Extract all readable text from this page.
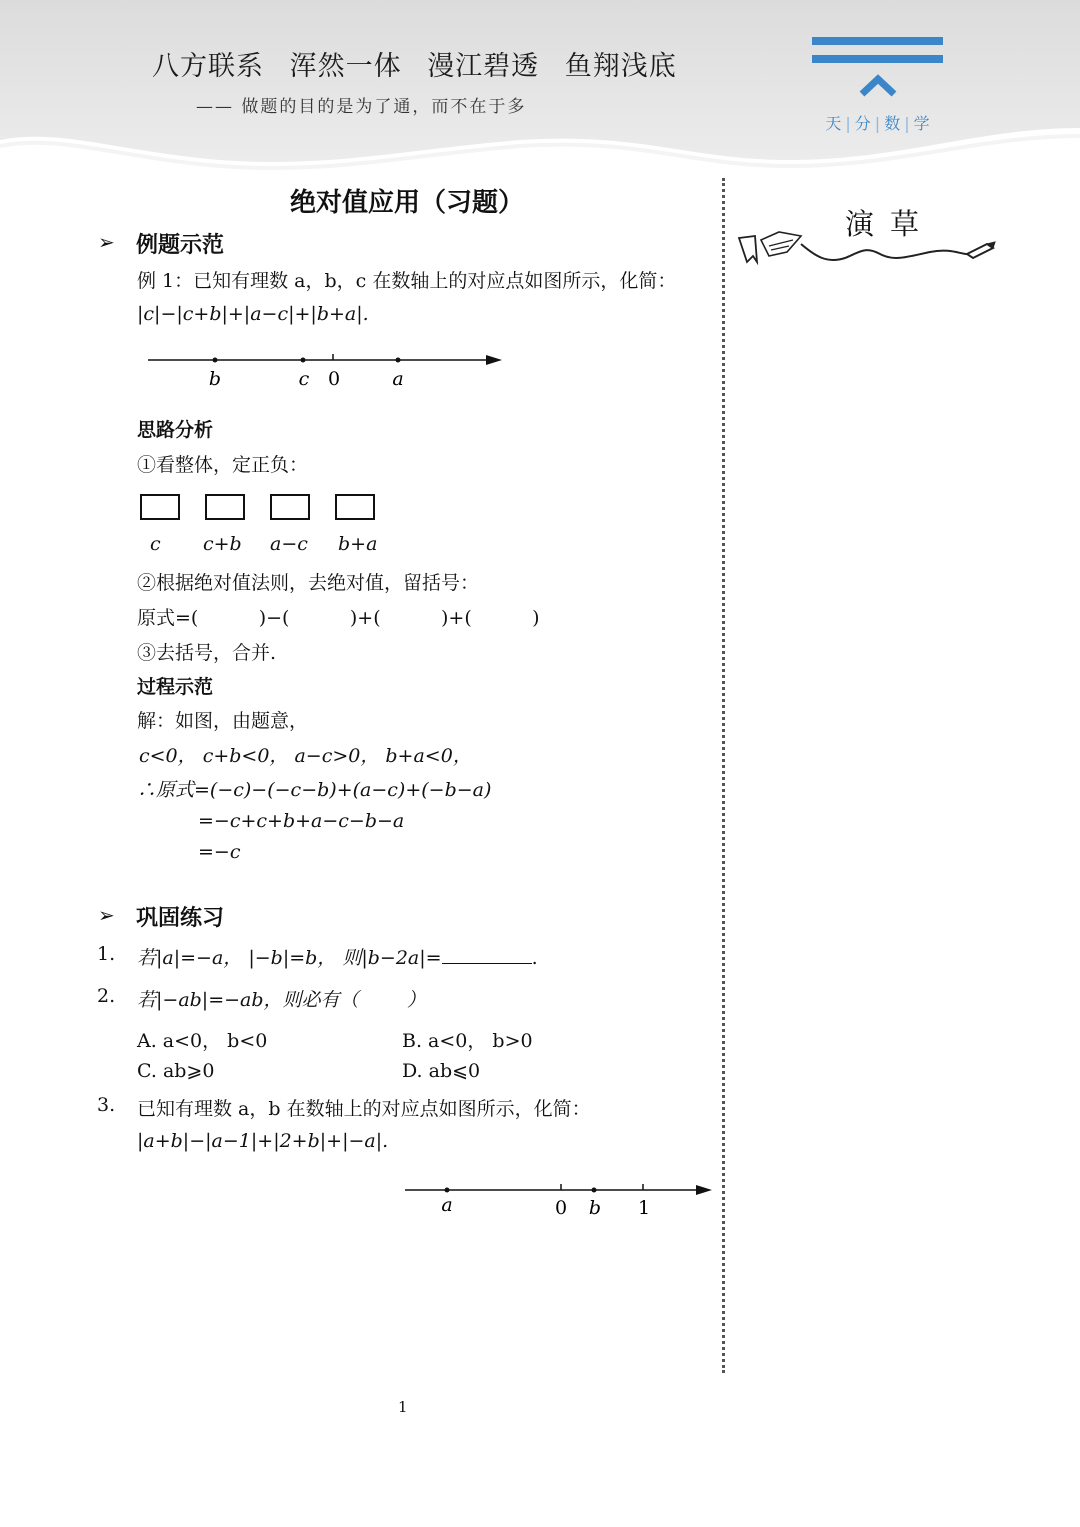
八方联系 浑然一体 漫江碧透 鱼翔浅底
—— 做题的目的是为了通，而不在于多
天 | 分 | 数 | 学
演草
绝对值应用（习题）
➢ 例题示范
例 1：已知有理数 a，b，c 在数轴上的对应点如图所示，化简：
|c|−|c+b|+|a−c|+|b+a|.
b	c 0	a
思路分析
①看整体，定正负：
c c+b a−c b+a
②根据绝对值法则，去绝对值，留括号：
原式=(          )−(          )+(          )+(          )
③去括号，合并.
过程示范
解：如图，由题意，
c<0， c+b<0， a−c>0， b+a<0，
∴原式=(−c)−(−c−b)+(a−c)+(−b−a)
=−c+c+b+a−c−b−a
=−c
➢ 巩固练习
1. 若|a|=−a， |−b|=b， 则|b−2a|=	.
2. 若|−ab|=−ab，则必有（        ）
A. a<0， b<0	B. a<0， b>0
C. ab⩾0	D. ab⩽0
3. 已知有理数 a，b 在数轴上的对应点如图所示，化简：
|a+b|−|a−1|+|2+b|+|−a|.
a	0 b 1
1
